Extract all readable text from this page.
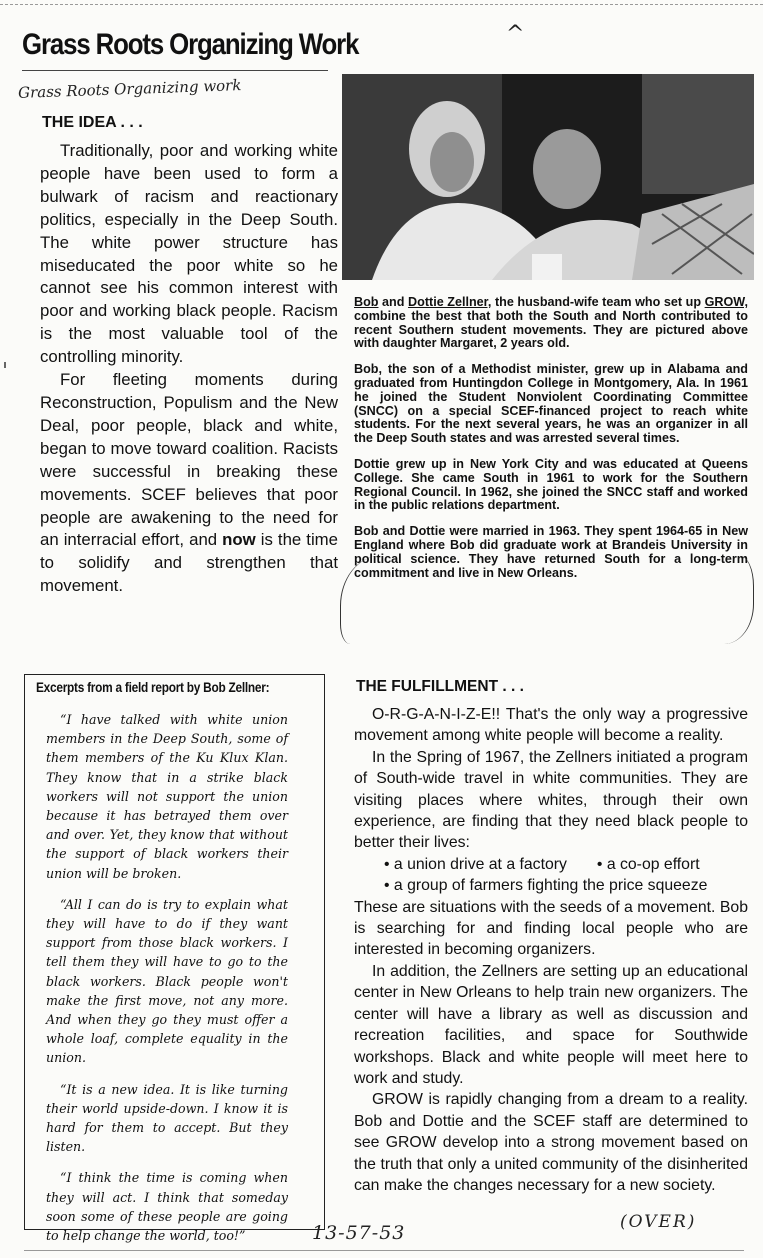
Grass Roots Organizing Work	^
Grass Roots Organizing work
THE IDEA . . .

Traditionally, poor and working white people have been used to form a bulwark of racism and reactionary politics, especially in the Deep South. The white power structure has miseducated the poor white so he cannot see his common interest with poor and working black people. Racism is the most valuable tool of the controlling minority.

For fleeting moments during Reconstruction, Populism and the New Deal, poor people, black and white, began to move toward coalition. Racists were successful in breaking these movements. SCEF believes that poor people are awakening to the need for an interracial effort, and now is the time to solidify and strengthen that movement.

Bob and Dottie Zellner, the husband-wife team who set up GROW, combine the best that both the South and North contributed to recent Southern student movements. They are pictured above with daughter Margaret, 2 years old.

Bob, the son of a Methodist minister, grew up in Alabama and graduated from Huntingdon College in Montgomery, Ala. In 1961 he joined the Student Nonviolent Coordinating Committee (SNCC) on a special SCEF-financed project to reach white students. For the next several years, he was an organizer in all the Deep South states and was arrested several times.

Dottie grew up in New York City and was educated at Queens College. She came South in 1961 to work for the Southern Regional Council. In 1962, she joined the SNCC staff and worked in the public relations department.

Bob and Dottie were married in 1963. They spent 1964-65 in New England where Bob did graduate work at Brandeis University in political science. They have returned South for a long-term commitment and live in New Orleans.

Excerpts from a field report by Bob Zellner:

“I have talked with white union members in the Deep South, some of them members of the Ku Klux Klan. They know that in a strike black workers will not support the union because it has betrayed them over and over. Yet, they know that without the support of black workers their union will be broken.

“All I can do is try to explain what they will have to do if they want support from those black workers. I tell them they will have to go to the black workers. Black people won't make the first move, not any more. And when they go they must offer a whole loaf, complete equality in the union.

“It is a new idea. It is like turning their world upside-down. I know it is hard for them to accept. But they listen.

“I think the time is coming when they will act. I think that someday soon some of these people are going to help change the world, too!”

THE FULFILLMENT . . .

O-R-G-A-N-I-Z-E!! That's the only way a progressive movement among white people will become a reality.

In the Spring of 1967, the Zellners initiated a program of South-wide travel in white communities. They are visiting places where whites, through their own experience, are finding that they need black people to better their lives:

• a union drive at a factory • a co-op effort
• a group of farmers fighting the price squeeze

These are situations with the seeds of a movement. Bob is searching for and finding local people who are interested in becoming organizers.

In addition, the Zellners are setting up an educational center in New Orleans to help train new organizers. The center will have a library as well as discussion and recreation facilities, and space for Southwide workshops. Black and white people will meet here to work and study.

GROW is rapidly changing from a dream to a reality. Bob and Dottie and the SCEF staff are determined to see GROW develop into a strong movement based on the truth that only a united community of the disinherited can make the changes necessary for a new society.

13-57-53	(OVER)
